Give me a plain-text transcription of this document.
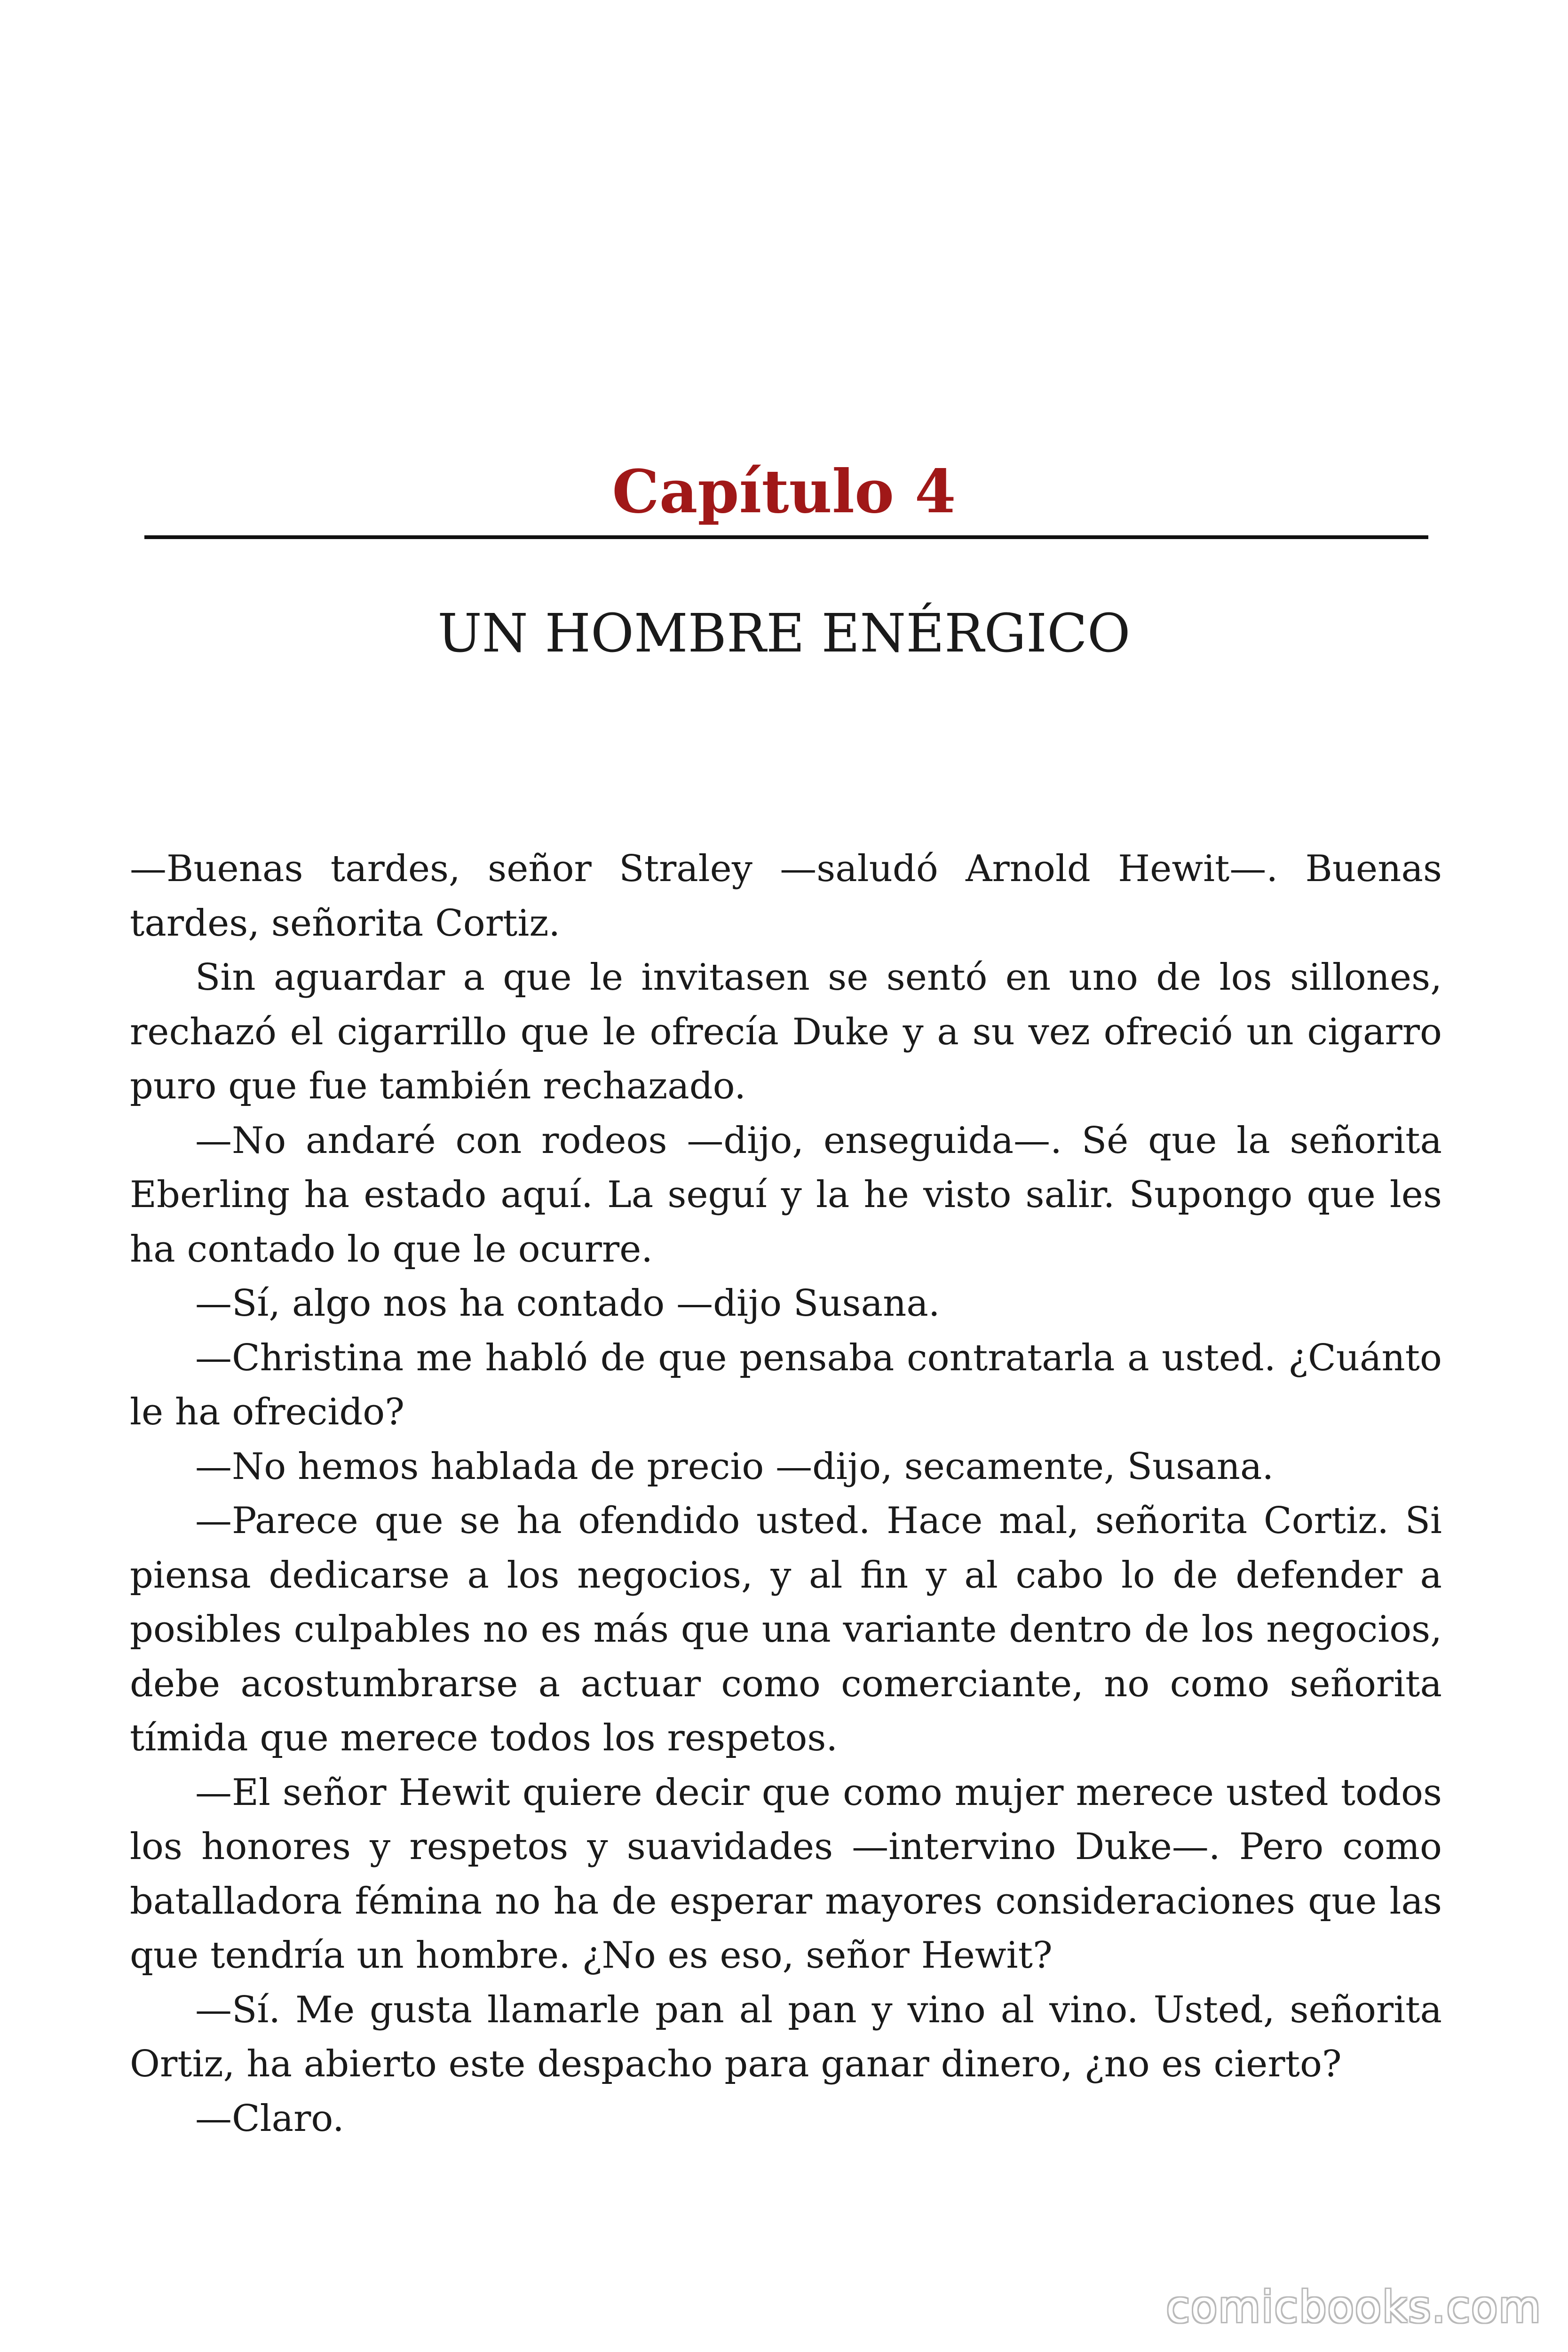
Capítulo 4
UN HOMBRE ENÉRGICO

—Buenas tardes, señor Straley —saludó Arnold Hewit—. Buenas tardes, señorita Cortiz.

Sin aguardar a que le invitasen se sentó en uno de los sillones, rechazó el cigarrillo que le ofrecía Duke y a su vez ofreció un cigarro puro que fue también rechazado.

—No andaré con rodeos —dijo, enseguida—. Sé que la señorita Eberling ha estado aquí. La seguí y la he visto salir. Supongo que les ha contado lo que le ocurre.

—Sí, algo nos ha contado —dijo Susana.

—Christina me habló de que pensaba contratarla a usted. ¿Cuánto le ha ofrecido?

—No hemos hablada de precio —dijo, secamente, Susana.

—Parece que se ha ofendido usted. Hace mal, señorita Cortiz. Si piensa dedicarse a los negocios, y al fin y al cabo lo de defender a posibles culpables no es más que una variante dentro de los negocios, debe acostumbrarse a actuar como comerciante, no como señorita tímida que merece todos los respetos.

—El señor Hewit quiere decir que como mujer merece usted todos los honores y respetos y suavidades —intervino Duke—. Pero como batalladora fémina no ha de esperar mayores consideraciones que las que tendría un hombre. ¿No es eso, señor Hewit?

—Sí. Me gusta llamarle pan al pan y vino al vino. Usted, señorita Ortiz, ha abierto este despacho para ganar dinero, ¿no es cierto?

—Claro.

comicbooks.com
